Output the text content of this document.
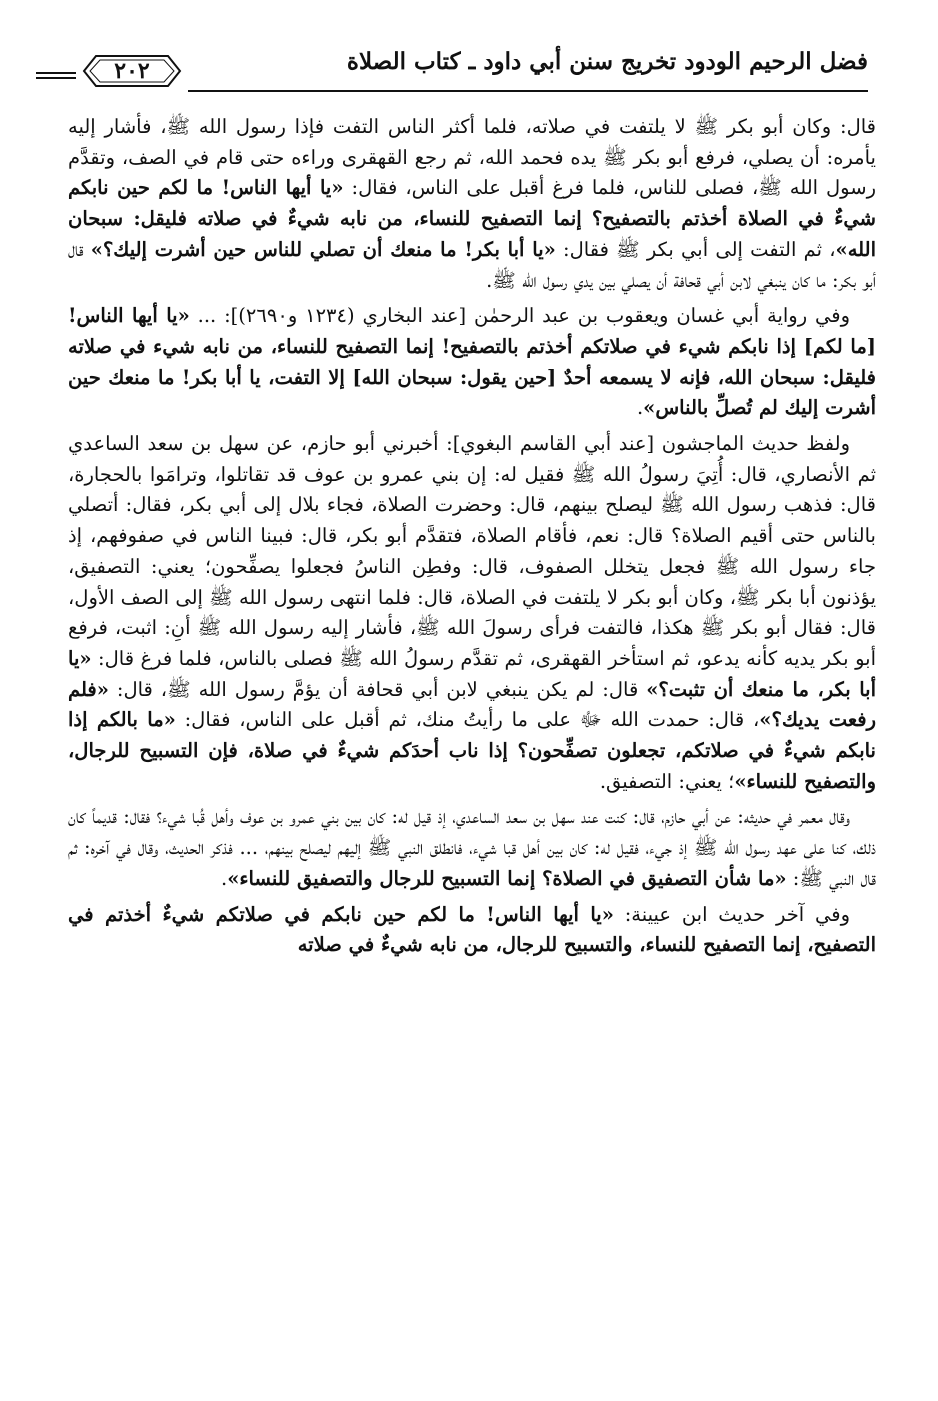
فضل الرحيم الودود تخريج سنن أبي داود ـ كتاب الصلاة
٢٠٢

قال: وكان أبو بكر ﷺ لا يلتفت في صلاته، فلما أكثر الناس التفت فإذا رسول الله ﷺ، فأشار إليه يأمره: أن يصلي، فرفع أبو بكر ﷺ يده فحمد الله، ثم رجع القهقرى وراءه حتى قام في الصف، وتقدَّم رسول الله ﷺ، فصلى للناس، فلما فرغ أقبل على الناس، فقال: «يا أيها الناس! ما لكم حين نابكم شيءٌ في الصلاة أخذتم بالتصفيح؟ إنما التصفيح للنساء، من نابه شيءٌ في صلاته فليقل: سبحان الله»، ثم التفت إلى أبي بكر ﷺ فقال: «يا أبا بكر! ما منعك أن تصلي للناس حين أشرت إليك؟» قال أبو بكر: ما كان ينبغي لابن أبي قحافة أن يصلي بين يدي رسول الله ﷺ.

وفي رواية أبي غسان ويعقوب بن عبد الرحمٰن [عند البخاري (١٢٣٤ و٢٦٩٠)]: ... «يا أيها الناس! [ما لكم] إذا نابكم شيء في صلاتكم أخذتم بالتصفيح! إنما التصفيح للنساء، من نابه شيء في صلاته فليقل: سبحان الله، فإنه لا يسمعه أحدٌ [حين يقول: سبحان الله] إلا التفت، يا أبا بكر! ما منعك حين أشرت إليك لم تُصلِّ بالناس».

ولفظ حديث الماجشون [عند أبي القاسم البغوي]: أخبرني أبو حازم، عن سهل بن سعد الساعدي ثم الأنصاري، قال: أُتِيَ رسولُ الله ﷺ فقيل له: إن بني عمرو بن عوف قد تقاتلوا، وترامَوا بالحجارة، قال: فذهب رسول الله ﷺ ليصلح بينهم، قال: وحضرت الصلاة، فجاء بلال إلى أبي بكر، فقال: أتصلي بالناس حتى أقيم الصلاة؟ قال: نعم، فأقام الصلاة، فتقدَّم أبو بكر، قال: فبينا الناس في صفوفهم، إذ جاء رسول الله ﷺ فجعل يتخلل الصفوف، قال: وفطِن الناسُ فجعلوا يصفِّحون؛ يعني: التصفيق، يؤذنون أبا بكر ﷺ، وكان أبو بكر لا يلتفت في الصلاة، قال: فلما انتهى رسول الله ﷺ إلى الصف الأول، قال: فقال أبو بكر ﷺ هكذا، فالتفت فرأى رسولَ الله ﷺ، فأشار إليه رسول الله ﷺ أنِ: اثبت، فرفع أبو بكر يديه كأنه يدعو، ثم استأخر القهقرى، ثم تقدَّم رسولُ الله ﷺ فصلى بالناس، فلما فرغ قال: «يا أبا بكر، ما منعك أن تثبت؟» قال: لم يكن ينبغي لابن أبي قحافة أن يؤمَّ رسول الله ﷺ، قال: «فلم رفعت يديك؟»، قال: حمدت الله ﷻ على ما رأيتُ منك، ثم أقبل على الناس، فقال: «ما بالكم إذا نابكم شيءٌ في صلاتكم، تجعلون تصفِّحون؟ إذا ناب أحدَكم شيءٌ في صلاة، فإن التسبيح للرجال، والتصفيح للنساء»؛ يعني: التصفيق.

وقال معمر في حديثه: عن أبي حازم، قال: كنت عند سهل بن سعد الساعدي، إذ قيل له: كان بين بني عمرو بن عوف وأهل قُبا شيء؟ فقال: قديماً كان ذلك، كنا على عهد رسول الله ﷺ إذ جيء، فقيل له: كان بين أهل قبا شيء، فانطلق النبي ﷺ إليهم ليصلح بينهم، ... فذكر الحديث، وقال في آخره: ثم قال النبي ﷺ: «ما شأن التصفيق في الصلاة؟ إنما التسبيح للرجال والتصفيق للنساء».

وفي آخر حديث ابن عيينة: «يا أيها الناس! ما لكم حين نابكم في صلاتكم شيءٌ أخذتم في التصفيح، إنما التصفيح للنساء، والتسبيح للرجال، من نابه شيءٌ في صلاته
